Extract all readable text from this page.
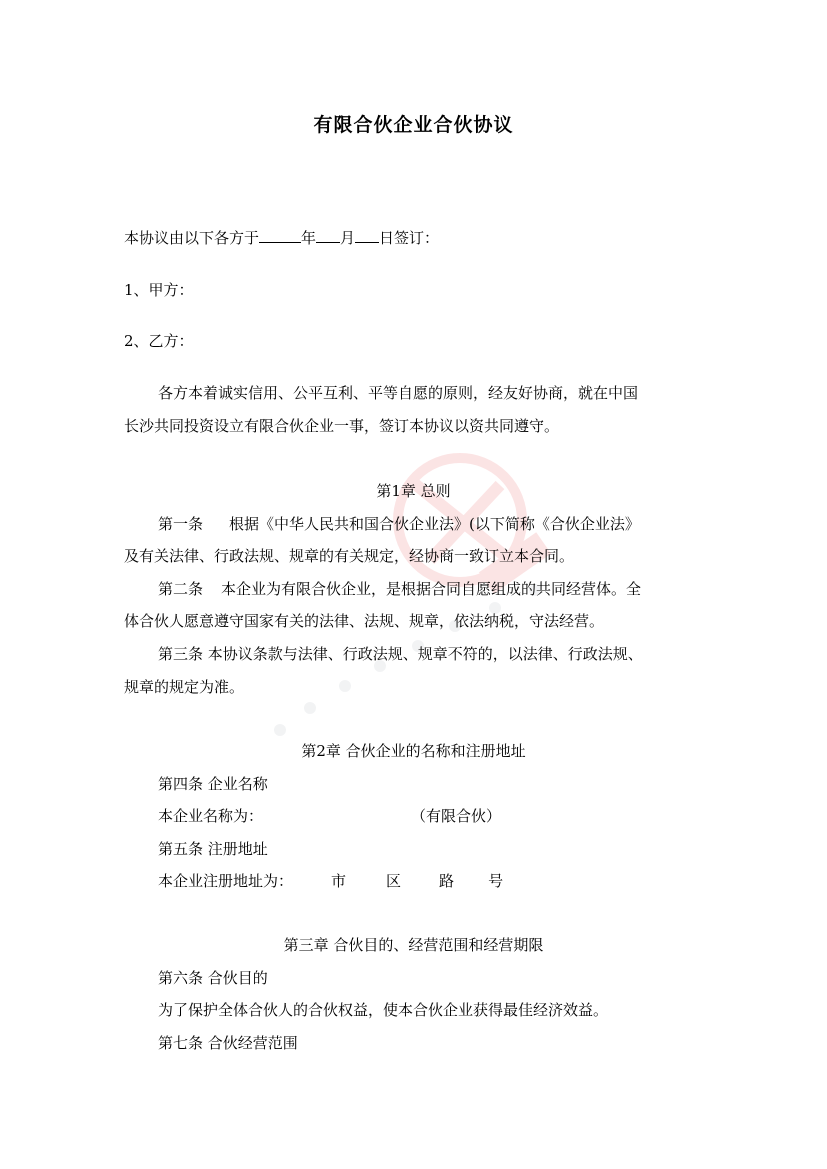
有限合伙企业合伙协议
本协议由以下各方于	年 月 日签订：
1、甲方：
2、乙方：
各方本着诚实信用、公平互利、平等自愿的原则，经友好协商，就在中国
长沙共同投资设立有限合伙企业一事，签订本协议以资共同遵守。
第1章 总则
第一条 根据《中华人民共和国合伙企业法》(以下简称《合伙企业法》
及有关法律、行政法规、规章的有关规定，经协商一致订立本合同。
第二条 本企业为有限合伙企业，是根据合同自愿组成的共同经营体。全
体合伙人愿意遵守国家有关的法律、法规、规章，依法纳税，守法经营。
第三条 本协议条款与法律、行政法规、规章不符的，以法律、行政法规、
规章的规定为准。
第2章 合伙企业的名称和注册地址
第四条 企业名称
本企业名称为：	（有限合伙）
第五条 注册地址
本企业注册地址为：	市	区	路 号
第三章 合伙目的、经营范围和经营期限
第六条 合伙目的
为了保护全体合伙人的合伙权益，使本合伙企业获得最佳经济效益。
第七条 合伙经营范围
